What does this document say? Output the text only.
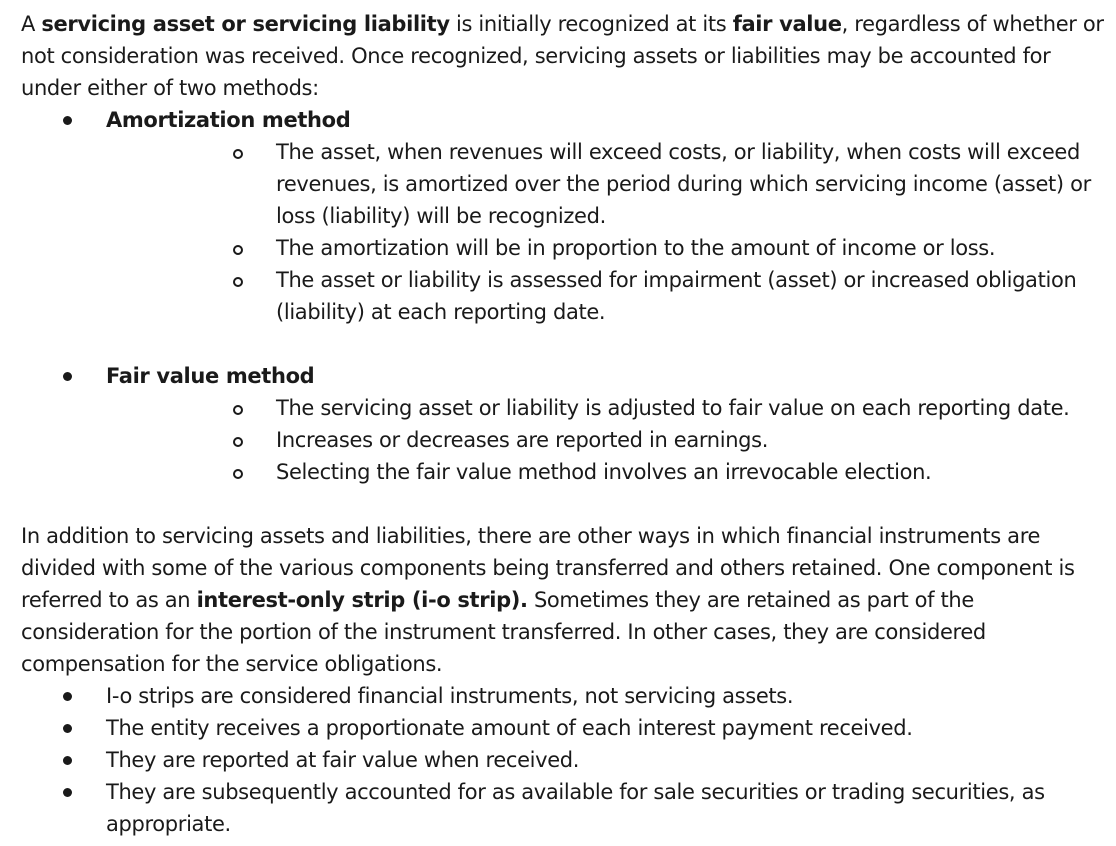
A servicing asset or servicing liability is initially recognized at its fair value, regardless of whether or not consideration was received. Once recognized, servicing assets or liabilities may be accounted for under either of two methods:

Amortization method
The asset, when revenues will exceed costs, or liability, when costs will exceed revenues, is amortized over the period during which servicing income (asset) or loss (liability) will be recognized.
The amortization will be in proportion to the amount of income or loss.
The asset or liability is assessed for impairment (asset) or increased obligation (liability) at each reporting date.
Fair value method
The servicing asset or liability is adjusted to fair value on each reporting date.
Increases or decreases are reported in earnings.
Selecting the fair value method involves an irrevocable election.

In addition to servicing assets and liabilities, there are other ways in which financial instruments are divided with some of the various components being transferred and others retained. One component is referred to as an interest-only strip (i-o strip). Sometimes they are retained as part of the consideration for the portion of the instrument transferred. In other cases, they are considered compensation for the service obligations.

I-o strips are considered financial instruments, not servicing assets.
The entity receives a proportionate amount of each interest payment received.
They are reported at fair value when received.
They are subsequently accounted for as available for sale securities or trading securities, as appropriate.
